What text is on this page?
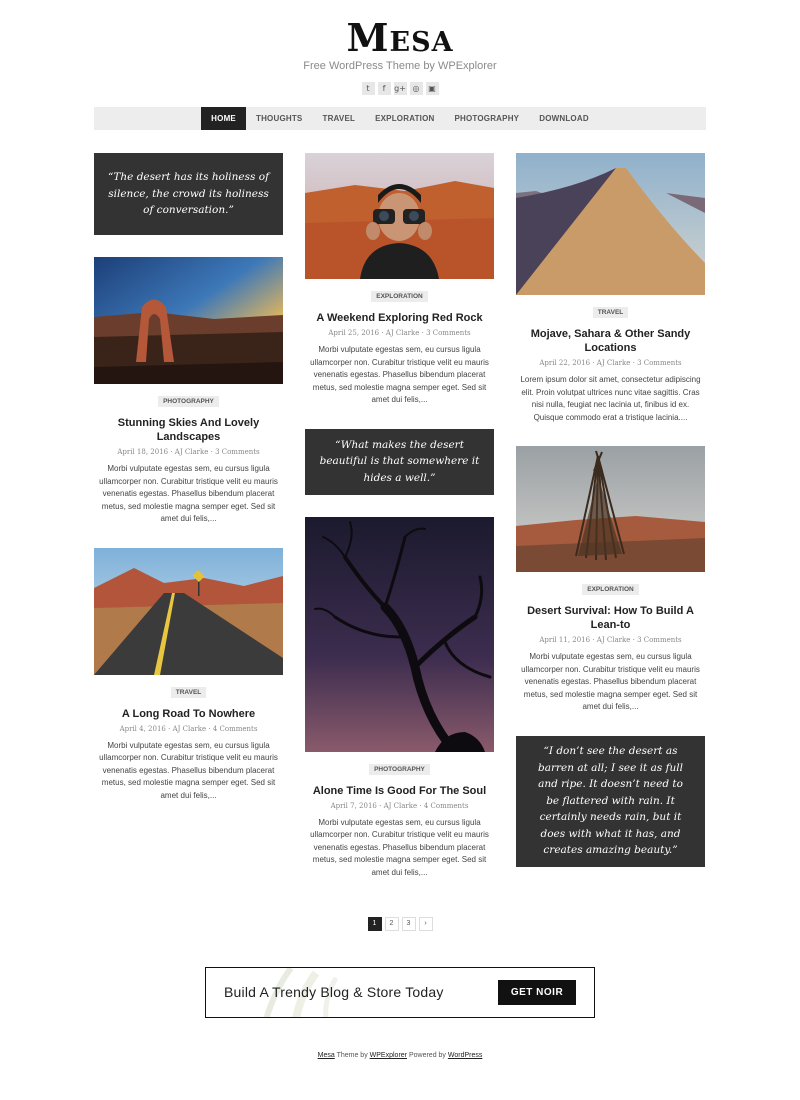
Mesa
Free WordPress Theme by WPExplorer
t	f	g+ ◎	▣
HOME	THOUGHTS	TRAVEL	EXPLORATION	PHOTOGRAPHY	DOWNLOAD
“The desert has its holiness of silence, the crowd its holiness of conversation.”
PHOTOGRAPHY
Stunning Skies And Lovely Landscapes
April 18, 2016 · AJ Clarke · 3 Comments
Morbi vulputate egestas sem, eu cursus ligula ullamcorper non. Curabitur tristique velit eu mauris venenatis egestas. Phasellus bibendum placerat metus, sed molestie magna semper eget. Sed sit amet dui felis,...
TRAVEL
A Long Road To Nowhere
April 4, 2016 · AJ Clarke · 4 Comments
Morbi vulputate egestas sem, eu cursus ligula ullamcorper non. Curabitur tristique velit eu mauris venenatis egestas. Phasellus bibendum placerat metus, sed molestie magna semper eget. Sed sit amet dui felis,...
EXPLORATION
A Weekend Exploring Red Rock
April 25, 2016 · AJ Clarke · 3 Comments
Morbi vulputate egestas sem, eu cursus ligula ullamcorper non. Curabitur tristique velit eu mauris venenatis egestas. Phasellus bibendum placerat metus, sed molestie magna semper eget. Sed sit amet dui felis,...
“What makes the desert beautiful is that somewhere it hides a well.”
PHOTOGRAPHY
Alone Time Is Good For The Soul
April 7, 2016 · AJ Clarke · 4 Comments
Morbi vulputate egestas sem, eu cursus ligula ullamcorper non. Curabitur tristique velit eu mauris venenatis egestas. Phasellus bibendum placerat metus, sed molestie magna semper eget. Sed sit amet dui felis,...
TRAVEL
Mojave, Sahara & Other Sandy Locations
April 22, 2016 · AJ Clarke · 3 Comments
Lorem ipsum dolor sit amet, consectetur adipiscing elit. Proin volutpat ultrices nunc vitae sagittis. Cras nisi nulla, feugiat nec lacinia ut, finibus id ex. Quisque commodo erat a tristique lacinia....
EXPLORATION
Desert Survival: How To Build A Lean-to
April 11, 2016 · AJ Clarke · 3 Comments
Morbi vulputate egestas sem, eu cursus ligula ullamcorper non. Curabitur tristique velit eu mauris venenatis egestas. Phasellus bibendum placerat metus, sed molestie magna semper eget. Sed sit amet dui felis,...
“I don’t see the desert as barren at all; I see it as full and ripe. It doesn’t need to be flattered with rain. It certainly needs rain, but it does with what it has, and creates amazing beauty.”
1	2	3	›
Build A Trendy Blog & Store Today	GET NOIR
Mesa Theme by WPExplorer Powered by WordPress
